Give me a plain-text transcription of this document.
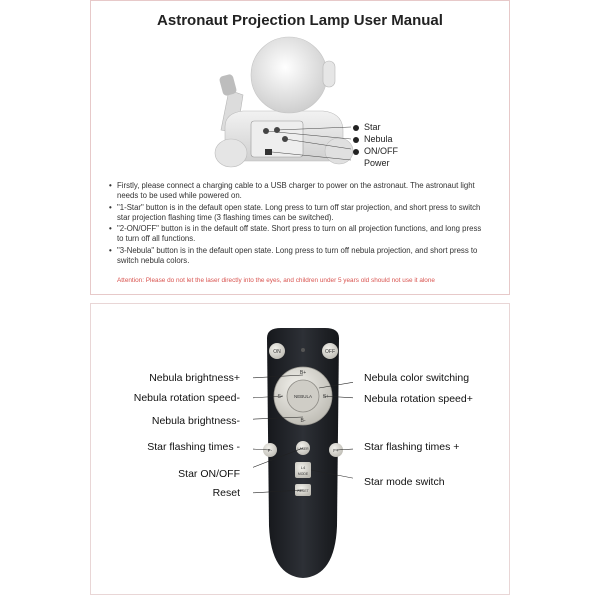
Astronaut Projection Lamp User Manual
Star
Nebula
ON/OFF
Power
• Firstly, please connect a charging cable to a USB charger to power on the astronaut. The astronaut light needs to be used while powered on.
• "1-Star" button is in the default open state. Long press to turn off star projection, and short press to switch star projection flashing time (3 flashing times can be switched).
• "2-ON/OFF" button is in the default off state. Short press to turn on all projection functions, and long press to turn off all functions.
• "3-Nebula" button is in the default open state. Long press to turn off nebula projection, and short press to switch nebula colors.
Attention: Please do not let the laser directly into the eyes, and children under 5 years old should not use it alone
ON	OFF
B+
B-
S-	S+
NEBULA
F-	F+
LASER
L4
MODE
RESET
Nebula brightness+
Nebula rotation speed-
Nebula brightness-
Star flashing times -
Star ON/OFF
Reset
Nebula color switching
Nebula rotation speed+
Star flashing times +
Star mode switch
